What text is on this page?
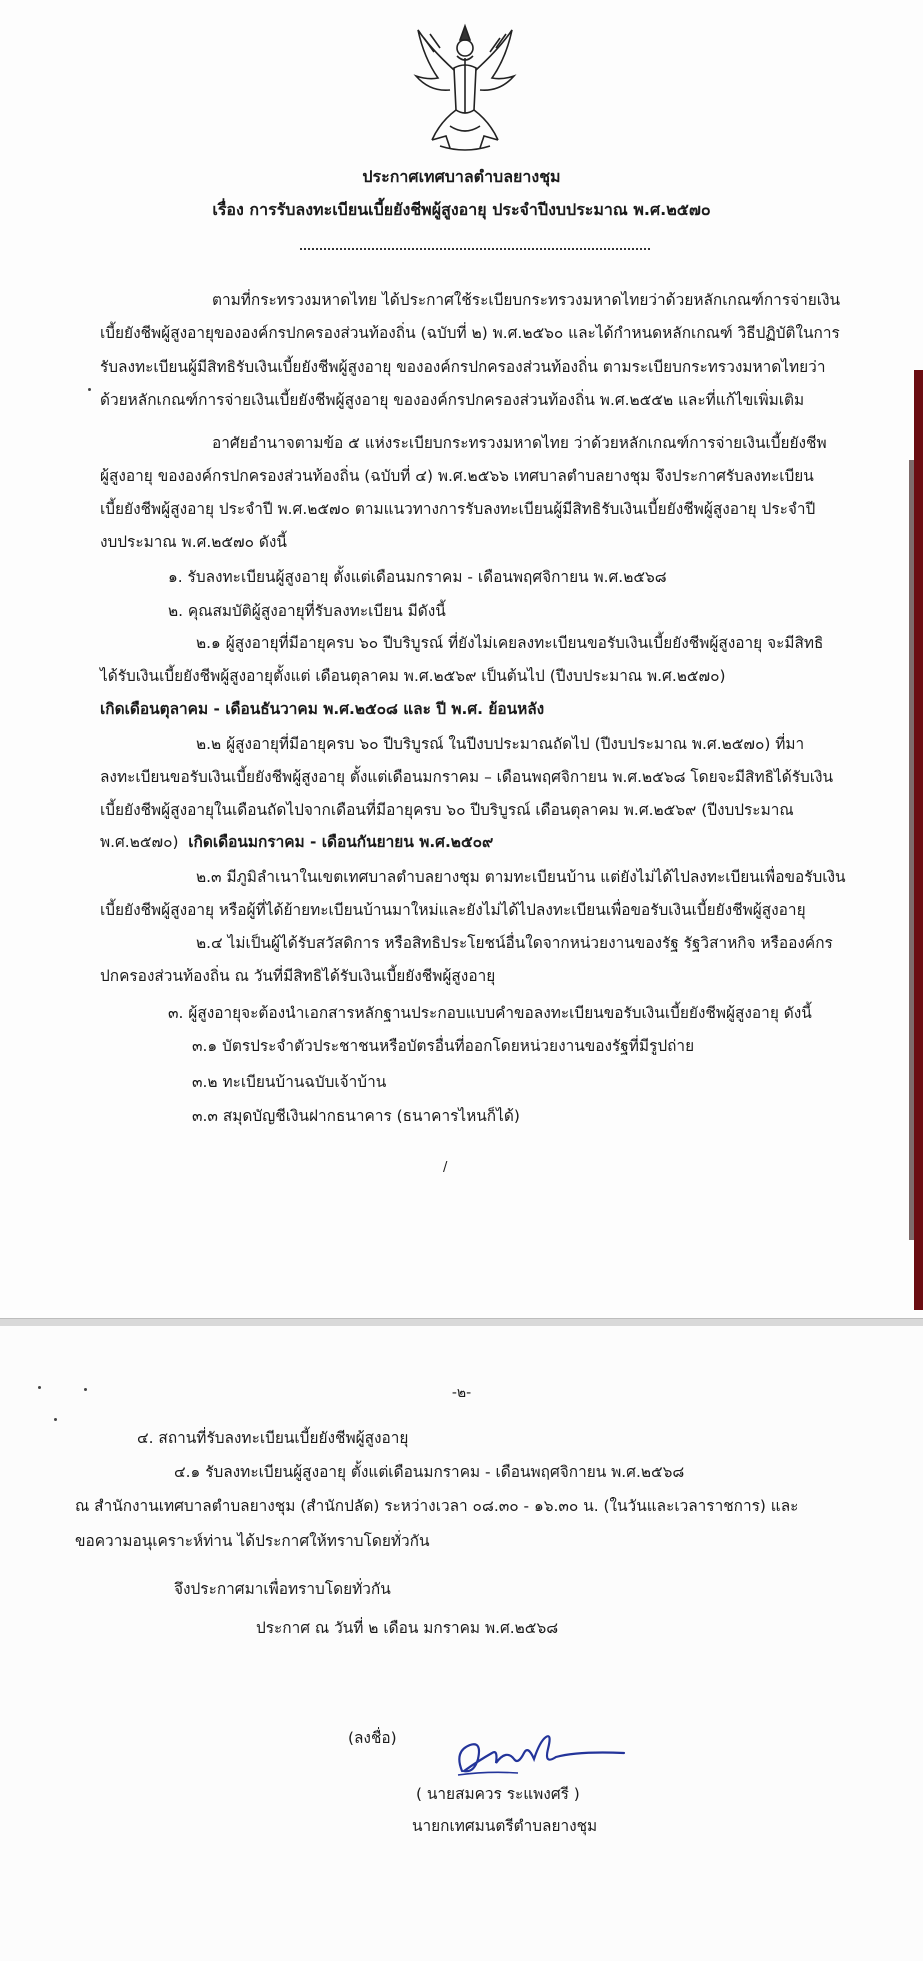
ประกาศเทศบาลตำบลยางชุม
เรื่อง การรับลงทะเบียนเบี้ยยังชีพผู้สูงอายุ ประจำปีงบประมาณ พ.ศ.๒๕๗๐
ตามที่กระทรวงมหาดไทย ได้ประกาศใช้ระเบียบกระทรวงมหาดไทยว่าด้วยหลักเกณฑ์การจ่ายเงิน
เบี้ยยังชีพผู้สูงอายุขององค์กรปกครองส่วนท้องถิ่น (ฉบับที่ ๒) พ.ศ.๒๕๖๐ และได้กำหนดหลักเกณฑ์ วิธีปฏิบัติในการ
รับลงทะเบียนผู้มีสิทธิรับเงินเบี้ยยังชีพผู้สูงอายุ ขององค์กรปกครองส่วนท้องถิ่น ตามระเบียบกระทรวงมหาดไทยว่า
ด้วยหลักเกณฑ์การจ่ายเงินเบี้ยยังชีพผู้สูงอายุ ขององค์กรปกครองส่วนท้องถิ่น พ.ศ.๒๕๕๒ และที่แก้ไขเพิ่มเติม
อาศัยอำนาจตามข้อ ๕ แห่งระเบียบกระทรวงมหาดไทย ว่าด้วยหลักเกณฑ์การจ่ายเงินเบี้ยยังชีพ
ผู้สูงอายุ ขององค์กรปกครองส่วนท้องถิ่น (ฉบับที่ ๔) พ.ศ.๒๕๖๖ เทศบาลตำบลยางชุม จึงประกาศรับลงทะเบียน
เบี้ยยังชีพผู้สูงอายุ ประจำปี พ.ศ.๒๕๗๐ ตามแนวทางการรับลงทะเบียนผู้มีสิทธิรับเงินเบี้ยยังชีพผู้สูงอายุ ประจำปี
งบประมาณ พ.ศ.๒๕๗๐ ดังนี้
๑. รับลงทะเบียนผู้สูงอายุ ตั้งแต่เดือนมกราคม - เดือนพฤศจิกายน พ.ศ.๒๕๖๘
๒. คุณสมบัติผู้สูงอายุที่รับลงทะเบียน มีดังนี้
๒.๑ ผู้สูงอายุที่มีอายุครบ ๖๐ ปีบริบูรณ์ ที่ยังไม่เคยลงทะเบียนขอรับเงินเบี้ยยังชีพผู้สูงอายุ จะมีสิทธิ
ได้รับเงินเบี้ยยังชีพผู้สูงอายุตั้งแต่ เดือนตุลาคม พ.ศ.๒๕๖๙ เป็นต้นไป (ปีงบประมาณ พ.ศ.๒๕๗๐)
เกิดเดือนตุลาคม - เดือนธันวาคม พ.ศ.๒๕๐๘ และ ปี พ.ศ. ย้อนหลัง
๒.๒ ผู้สูงอายุที่มีอายุครบ ๖๐ ปีบริบูรณ์ ในปีงบประมาณถัดไป (ปีงบประมาณ พ.ศ.๒๕๗๐) ที่มา
ลงทะเบียนขอรับเงินเบี้ยยังชีพผู้สูงอายุ ตั้งแต่เดือนมกราคม – เดือนพฤศจิกายน พ.ศ.๒๕๖๘ โดยจะมีสิทธิได้รับเงิน
เบี้ยยังชีพผู้สูงอายุในเดือนถัดไปจากเดือนที่มีอายุครบ ๖๐ ปีบริบูรณ์ เดือนตุลาคม พ.ศ.๒๕๖๙ (ปีงบประมาณ
พ.ศ.๒๕๗๐) เกิดเดือนมกราคม - เดือนกันยายน พ.ศ.๒๕๐๙
๒.๓ มีภูมิลำเนาในเขตเทศบาลตำบลยางชุม ตามทะเบียนบ้าน แต่ยังไม่ได้ไปลงทะเบียนเพื่อขอรับเงิน
เบี้ยยังชีพผู้สูงอายุ หรือผู้ที่ได้ย้ายทะเบียนบ้านมาใหม่และยังไม่ได้ไปลงทะเบียนเพื่อขอรับเงินเบี้ยยังชีพผู้สูงอายุ
๒.๔ ไม่เป็นผู้ได้รับสวัสดิการ หรือสิทธิประโยชน์อื่นใดจากหน่วยงานของรัฐ รัฐวิสาหกิจ หรือองค์กร
ปกครองส่วนท้องถิ่น ณ วันที่มีสิทธิได้รับเงินเบี้ยยังชีพผู้สูงอายุ
๓. ผู้สูงอายุจะต้องนำเอกสารหลักฐานประกอบแบบคำขอลงทะเบียนขอรับเงินเบี้ยยังชีพผู้สูงอายุ ดังนี้
๓.๑ บัตรประจำตัวประชาชนหรือบัตรอื่นที่ออกโดยหน่วยงานของรัฐที่มีรูปถ่าย
๓.๒ ทะเบียนบ้านฉบับเจ้าบ้าน
๓.๓ สมุดบัญชีเงินฝากธนาคาร (ธนาคารไหนก็ได้)
/
-๒-
๔. สถานที่รับลงทะเบียนเบี้ยยังชีพผู้สูงอายุ
๔.๑ รับลงทะเบียนผู้สูงอายุ ตั้งแต่เดือนมกราคม - เดือนพฤศจิกายน พ.ศ.๒๕๖๘
ณ สำนักงานเทศบาลตำบลยางชุม (สำนักปลัด) ระหว่างเวลา ๐๘.๓๐ - ๑๖.๓๐ น. (ในวันและเวลาราชการ) และ
ขอความอนุเคราะห์ท่าน ได้ประกาศให้ทราบโดยทั่วกัน
จึงประกาศมาเพื่อทราบโดยทั่วกัน
ประกาศ ณ วันที่ ๒ เดือน มกราคม พ.ศ.๒๕๖๘
(ลงชื่อ)
( นายสมควร ระแพงศรี )
นายกเทศมนตรีตำบลยางชุม
